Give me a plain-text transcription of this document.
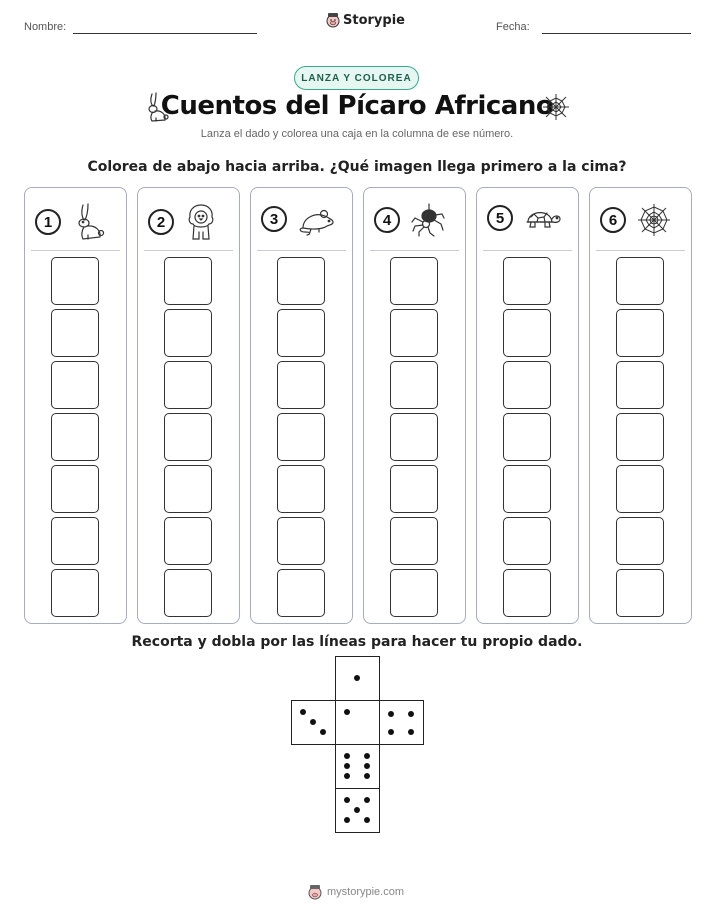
Nombre:	Storypie	Fecha:
LANZA Y COLOREA
Cuentos del Pícaro Africano
Lanza el dado y colorea una caja en la columna de ese número.
Colorea de abajo hacia arriba. ¿Qué imagen llega primero a la cima?
1	2	3	4	5	6
Recorta y dobla por las líneas para hacer tu propio dado.
mystorypie.com
